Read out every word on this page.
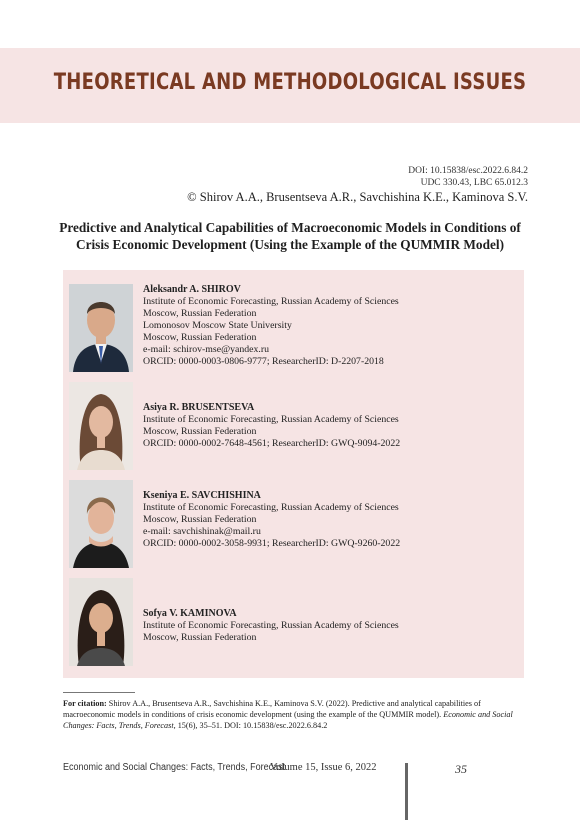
THEORETICAL AND METHODOLOGICAL ISSUES
DOI: 10.15838/esc.2022.6.84.2
UDC 330.43, LBC 65.012.3
© Shirov A.A., Brusentseva A.R., Savchishina K.E., Kaminova S.V.
Predictive and Analytical Capabilities of Macroeconomic Models in Conditions of Crisis Economic Development (Using the Example of the QUMMIR Model)
Aleksandr A. SHIROV
Institute of Economic Forecasting, Russian Academy of Sciences
Moscow, Russian Federation
Lomonosov Moscow State University
Moscow, Russian Federation
e-mail: schirov-mse@yandex.ru
ORCID: 0000-0003-0806-9777; ResearcherID: D-2207-2018
Asiya R. BRUSENTSEVA
Institute of Economic Forecasting, Russian Academy of Sciences
Moscow, Russian Federation
ORCID: 0000-0002-7648-4561; ResearcherID: GWQ-9094-2022
Kseniya E. SAVCHISHINA
Institute of Economic Forecasting, Russian Academy of Sciences
Moscow, Russian Federation
e-mail: savchishinak@mail.ru
ORCID: 0000-0002-3058-9931; ResearcherID: GWQ-9260-2022
Sofya V. KAMINOVA
Institute of Economic Forecasting, Russian Academy of Sciences
Moscow, Russian Federation
For citation: Shirov A.A., Brusentseva A.R., Savchishina K.E., Kaminova S.V. (2022). Predictive and analytical capabilities of macroeconomic models in conditions of crisis economic development (using the example of the QUMMIR model). Economic and Social Changes: Facts, Trends, Forecast, 15(6), 35–51. DOI: 10.15838/esc.2022.6.84.2
Economic and Social Changes: Facts, Trends, Forecast
Volume 15, Issue 6, 2022	35
